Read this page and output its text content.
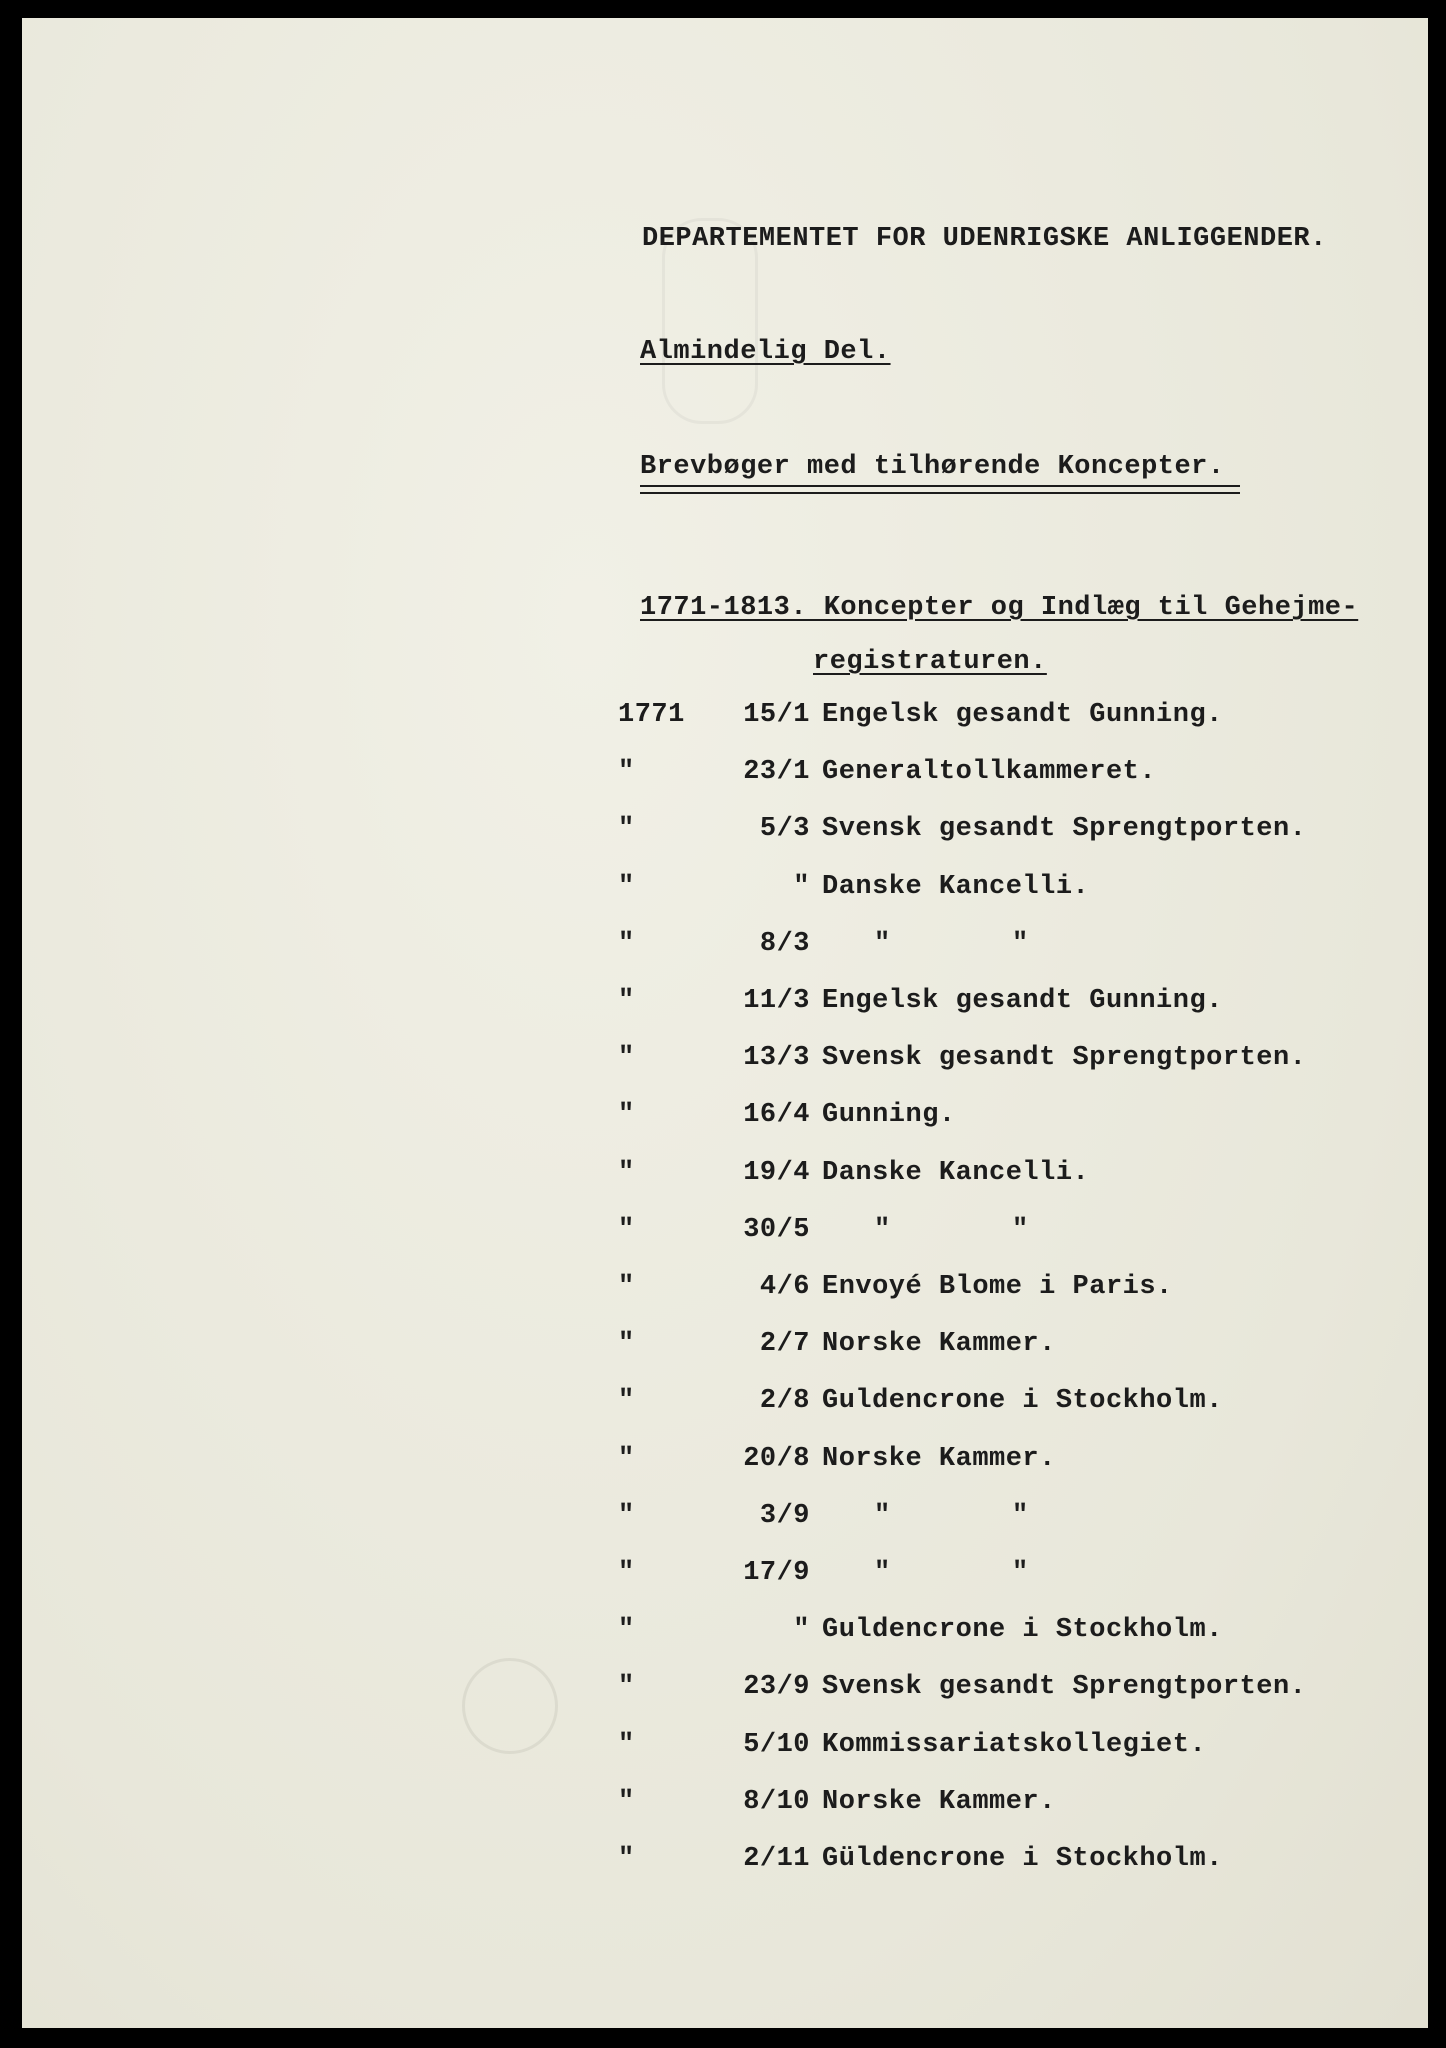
DEPARTEMENTET FOR UDENRIGSKE ANLIGGENDER.
Almindelig Del.
Brevbøger med tilhørende Koncepter.
1771-1813. Koncepter og Indlæg til Gehejme-
registraturen.
1771	15/1 Engelsk gesandt Gunning.
"	23/1 Generaltollkammeret.
"	5/3 Svensk gesandt Sprengtporten.
"	" Danske Kancelli.
"	8/3 "	"
"	11/3 Engelsk gesandt Gunning.
"	13/3 Svensk gesandt Sprengtporten.
"	16/4 Gunning.
"	19/4 Danske Kancelli.
"	30/5 "	"
"	4/6 Envoyé Blome i Paris.
"	2/7 Norske Kammer.
"	2/8 Guldencrone i Stockholm.
"	20/8 Norske Kammer.
"	3/9 "	"
"	17/9 "	"
"	" Guldencrone i Stockholm.
"	23/9 Svensk gesandt Sprengtporten.
"	5/10 Kommissariatskollegiet.
"	8/10 Norske Kammer.
"	2/11 Güldencrone i Stockholm.
